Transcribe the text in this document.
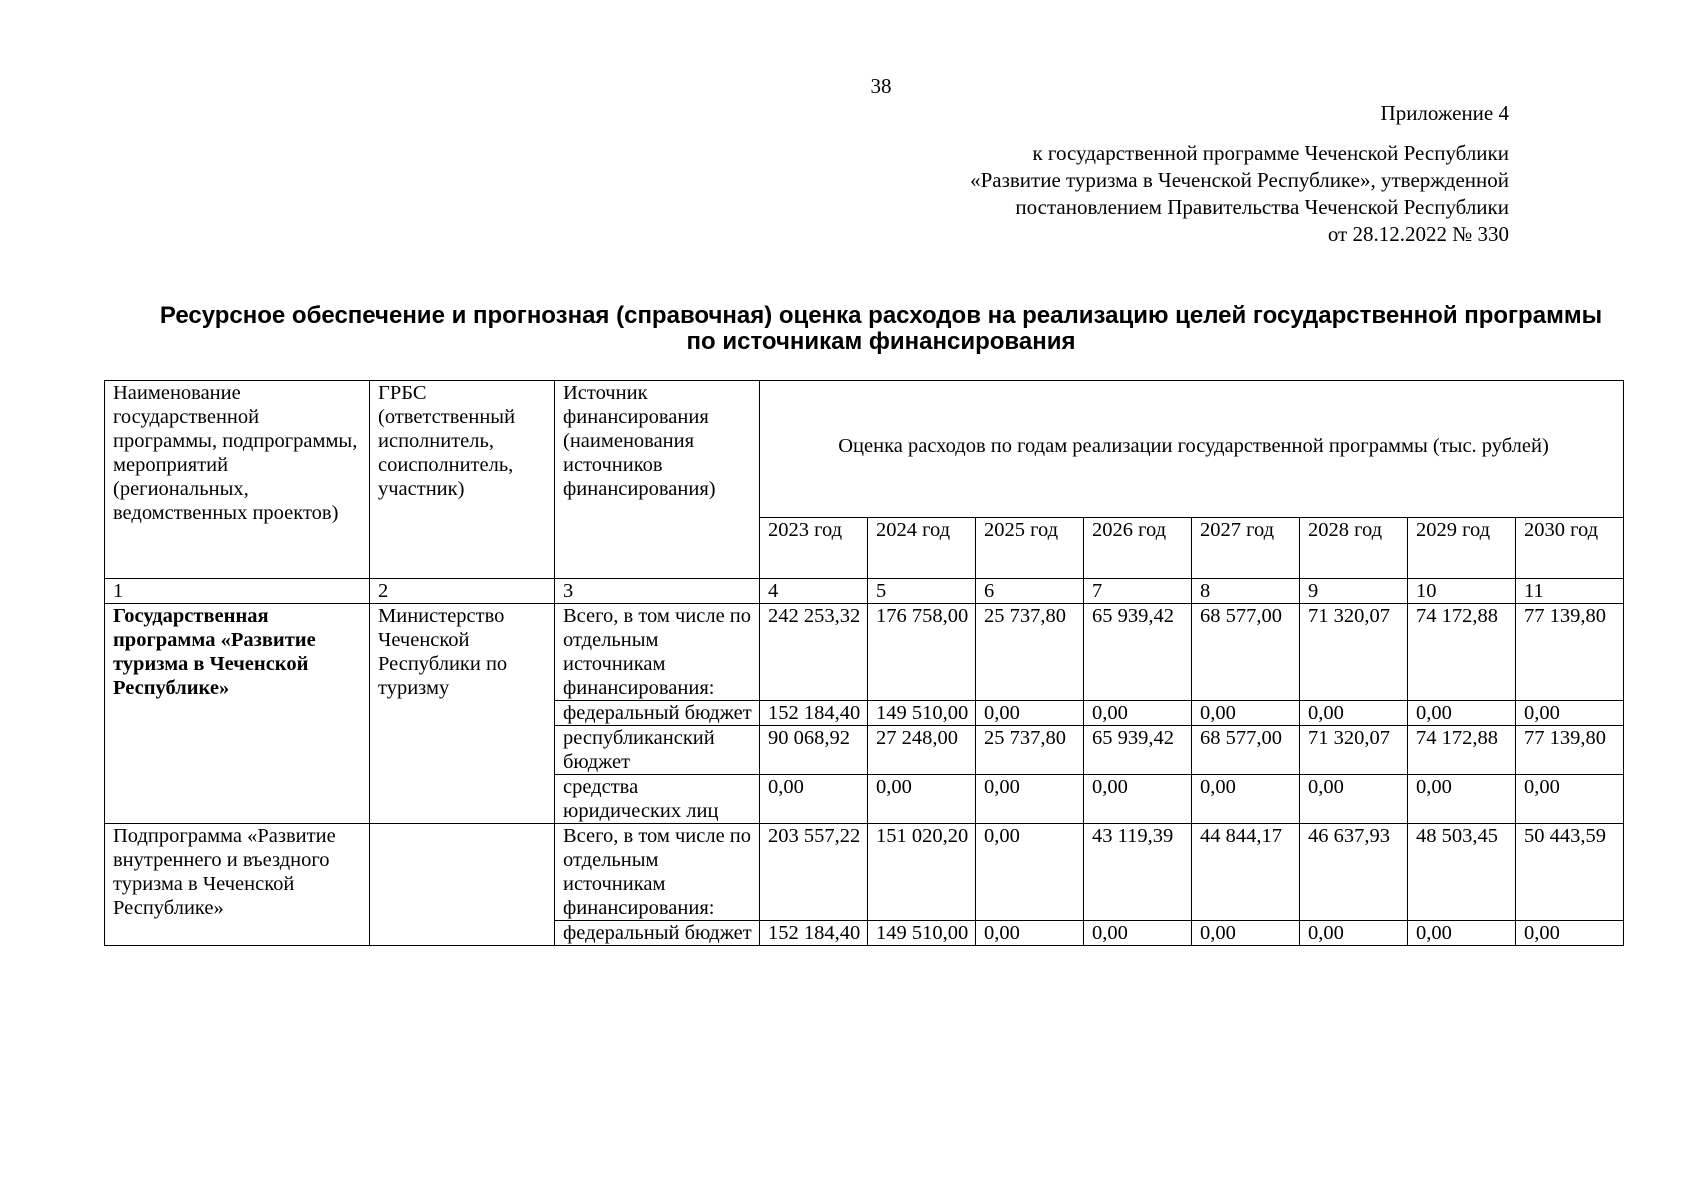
38
Приложение 4
к государственной программе Чеченской Республики
«Развитие туризма в Чеченской Республике», утвержденной
постановлением Правительства Чеченской Республики
от 28.12.2022 № 330
Ресурсное обеспечение и прогнозная (справочная) оценка расходов на реализацию целей государственной программы
по источникам финансирования
Наименование государственной программы, подпрограммы, мероприятий (региональных, ведомственных проектов)	ГРБС (ответственный исполнитель, соисполнитель, участник)	Источник финансирования (наименования источников финансирования)	Оценка расходов по годам реализации государственной программы (тыс. рублей)							
			2023 год	2024 год	2025 год	2026 год	2027 год	2028 год	2029 год	2030 год
1	2	3	4	5	6	7	8	9	10	11
Государственная программа «Развитие туризма в Чеченской Республике»	Министерство Чеченской Республики по туризму	Всего, в том числе по отдельным источникам финансирования:	242 253,32	176 758,00	25 737,80	65 939,42	68 577,00	71 320,07	74 172,88	77 139,80
		федеральный бюджет	152 184,40	149 510,00	0,00	0,00	0,00	0,00	0,00	0,00
		республиканский бюджет	90 068,92	27 248,00	25 737,80	65 939,42	68 577,00	71 320,07	74 172,88	77 139,80
		средства юридических лиц	0,00	0,00	0,00	0,00	0,00	0,00	0,00	0,00
Подпрограмма «Развитие внутреннего и въездного туризма в Чеченской Республике»		Всего, в том числе по отдельным источникам финансирования:	203 557,22	151 020,20	0,00	43 119,39	44 844,17	46 637,93	48 503,45	50 443,59
		федеральный бюджет	152 184,40	149 510,00	0,00	0,00	0,00	0,00	0,00	0,00
